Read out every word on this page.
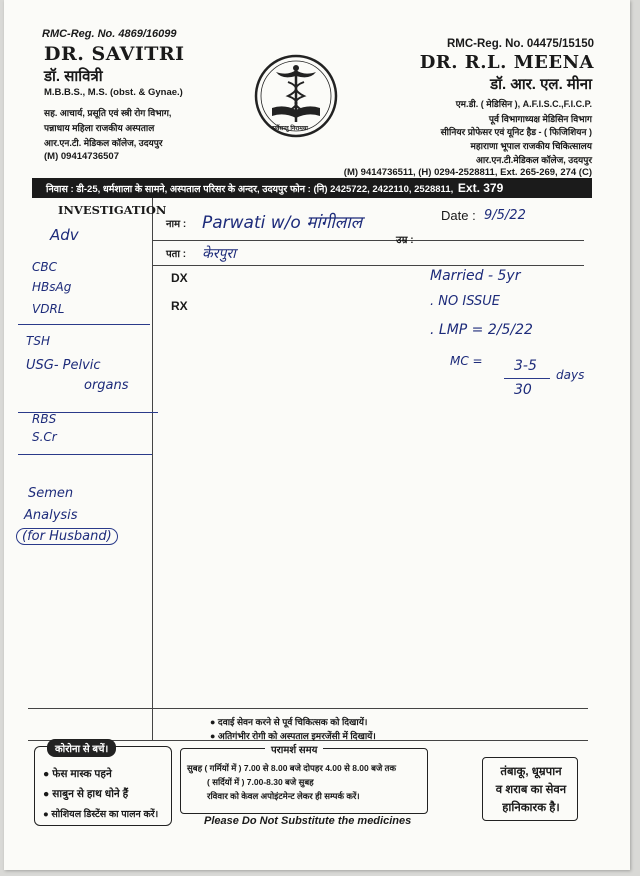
RMC-Reg. No. 4869/16099
DR. SAVITRI
डॉ. सावित्री
M.B.B.S., M.S. (obst. & Gynae.)
सह. आचार्य, प्रसूति एवं स्त्री रोग विभाग,
पन्नाधाय महिला राजकीय अस्पताल
आर.एन.टी. मेडिकल कॉलेज, उदयपुर
(M) 09414736507
सर्वेसन्तु निरामया
RMC-Reg. No. 04475/15150
DR. R.L. MEENA
डॉ. आर. एल. मीना
एम.डी. ( मेडिसिन ), A.F.I.S.C.,F.I.C.P.
पूर्व विभागाध्यक्ष मेडिसिन विभाग
सीनियर प्रोफेसर एवं यूनिट हैड - ( फिजिशियन )
महाराणा भूपाल राजकीय चिकित्सालय
आर.एन.टी.मेडिकल कॉलेज, उदयपुर
(M) 9414736511, (H) 0294-2528811, Ext. 265-269, 274 (C)
निवास : डी-25, धर्मशाला के सामने, अस्पताल परिसर के अन्दर, उदयपुर फोन : (नि) 2425722, 2422110, 2528811, Ext. 379
INVESTIGATION
नाम :
उम्र :
पता :
Date :
DX
RX
Parwati w/o मांगीलाल	9/5/22
केरपुरा
Adv
CBC
HBsAg
VDRL
TSH
USG- Pelvic
organs
RBS
S.Cr
Semen
Analysis
(for Husband)
Married - 5yr
. NO ISSUE
. LMP = 2/5/22
MC = 3-5
30
days
● दवाई सेवन करने से पूर्व चिकित्सक को दिखायें।
● अतिगंभीर रोगी को अस्पताल इमरजेंसी में दिखायें।
कोरोना से बचें।
● फेस मास्क पहने
● साबुन से हाथ धोने हैं
● सोशियल डिस्टेंस का पालन करें।
परामर्श समय
सुबह ( गर्मियों में ) 7.00 से 8.00 बजे दोपहर 4.00 से 8.00 बजे तक
( सर्दियों में ) 7.00-8.30 बजे सुबह
रविवार को केवल अपोइंटमेन्ट लेकर ही सम्पर्क करें।
तंबाकू, धूम्रपान
व शराब का सेवन
हानिकारक है।
Please Do Not Substitute the medicines
